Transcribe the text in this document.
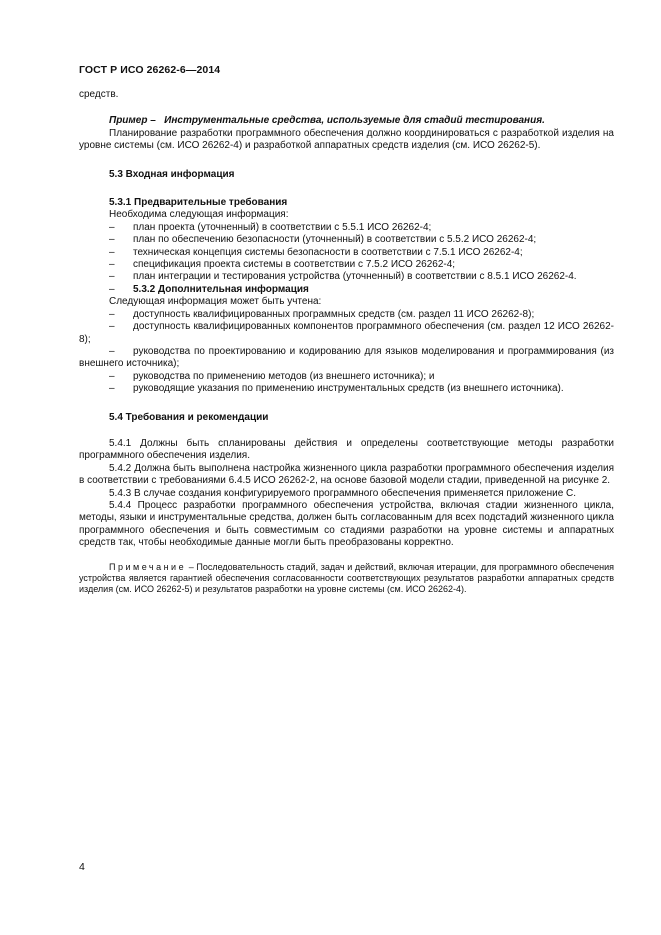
ГОСТ Р ИСО 26262-6—2014

средств.

Пример – Инструментальные средства, используемые для стадий тестирования.

Планирование разработки программного обеспечения должно координироваться с разработкой изделия на уровне системы (см. ИСО 26262-4) и разработкой аппаратных средств изделия (см. ИСО 26262-5).

5.3 Входная информация

5.3.1 Предварительные требования

Необходима следующая информация:

– план проекта (уточненный) в соответствии с 5.5.1 ИСО 26262-4;
– план по обеспечению безопасности (уточненный) в соответствии с 5.5.2 ИСО 26262-4;
– техническая концепция системы безопасности в соответствии с 7.5.1 ИСО 26262-4;
– спецификация проекта системы в соответствии с 7.5.2 ИСО 26262-4;
–	план интеграции и тестирования устройства (уточненный) в соответствии с 8.5.1 ИСО 26262-4.
– 5.3.2 Дополнительная информация

Следующая информация может быть учтена:

– доступность квалифицированных программных средств (см. раздел 11 ИСО 26262-8);
–	доступность квалифицированных компонентов программного обеспечения (см. раздел 12 ИСО 26262-8);
–	руководства по проектированию и кодированию для языков моделирования и программирования (из внешнего источника);
– руководства по применению методов (из внешнего источника); и
– руководящие указания по применению инструментальных средств (из внешнего источника).

5.4 Требования и рекомендации

5.4.1 Должны быть спланированы действия и определены соответствующие методы разработки программного обеспечения изделия.

5.4.2 Должна быть выполнена настройка жизненного цикла разработки программного обеспечения изделия в соответствии с требованиями 6.4.5 ИСО 26262-2, на основе базовой модели стадии, приведенной на рисунке 2.

5.4.3 В случае создания конфигурируемого программного обеспечения применяется приложение С.

5.4.4 Процесс разработки программного обеспечения устройства, включая стадии жизненного цикла, методы, языки и инструментальные средства, должен быть согласованным для всех подстадий жизненного цикла программного обеспечения и быть совместимым со стадиями разработки на уровне системы и аппаратных средств так, чтобы необходимые данные могли быть преобразованы корректно.

Примечание – Последовательность стадий, задач и действий, включая итерации, для программного обеспечения устройства является гарантией обеспечения согласованности соответствующих результатов разработки аппаратных средств изделия (см. ИСО 26262-5) и результатов разработки на уровне системы (см. ИСО 26262-4).

4
